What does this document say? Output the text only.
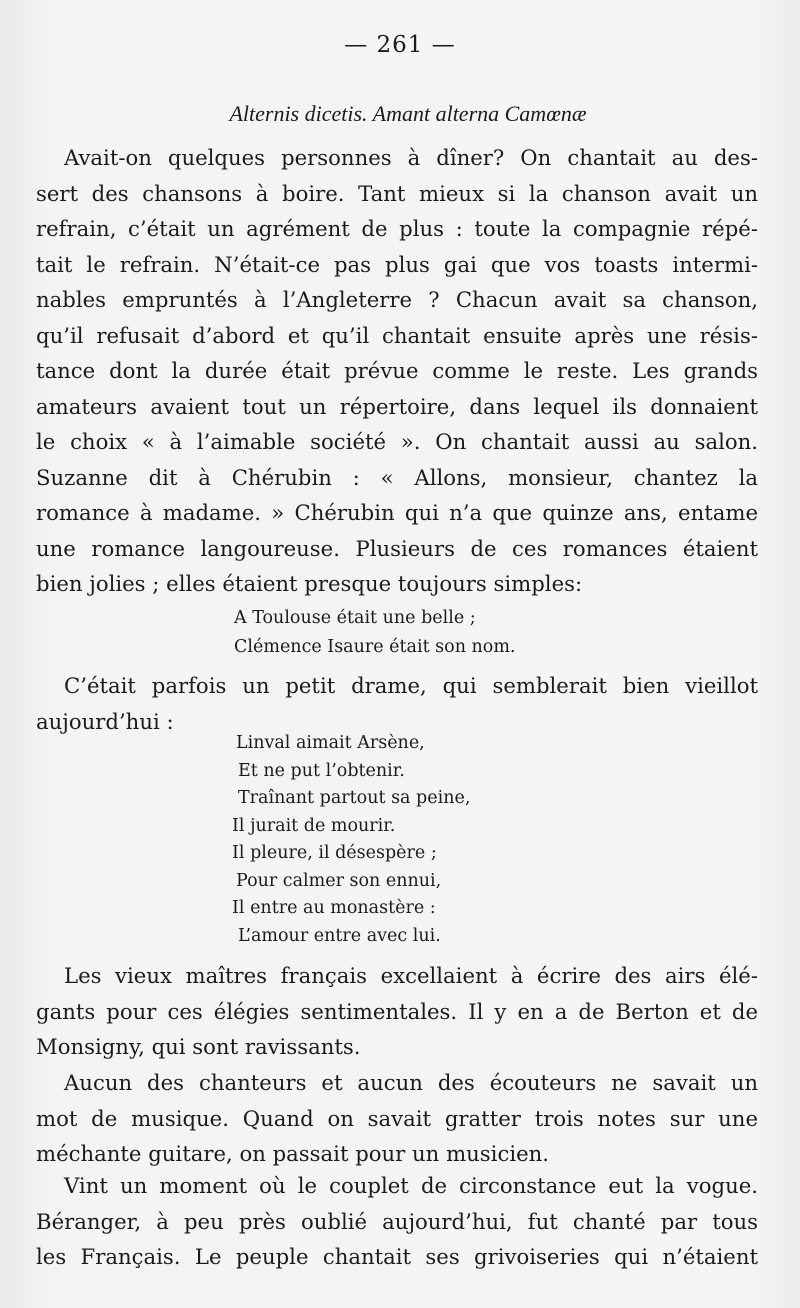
— 261 —
Alternis dicetis. Amant alterna Camœnæ
Avait-on quelques personnes à dîner? On chantait au des-
sert des chansons à boire. Tant mieux si la chanson avait un
refrain, c’était un agrément de plus : toute la compagnie répé-
tait le refrain. N’était-ce pas plus gai que vos toasts intermi-
nables empruntés à l’Angleterre ? Chacun avait sa chanson,
qu’il refusait d’abord et qu’il chantait ensuite après une résis-
tance dont la durée était prévue comme le reste. Les grands
amateurs avaient tout un répertoire, dans lequel ils donnaient
le choix « à l’aimable société ». On chantait aussi au salon.
Suzanne dit à Chérubin : « Allons, monsieur, chantez la
romance à madame. » Chérubin qui n’a que quinze ans, entame
une romance langoureuse. Plusieurs de ces romances étaient
bien jolies ; elles étaient presque toujours simples:
A Toulouse était une belle ;
Clémence Isaure était son nom.
C’était parfois un petit drame, qui semblerait bien vieillot
aujourd’hui :
Linval aimait Arsène,
Et ne put l’obtenir.
Traînant partout sa peine,
Il jurait de mourir.
Il pleure, il désespère ;
Pour calmer son ennui,
Il entre au monastère :
L’amour entre avec lui.
Les vieux maîtres français excellaient à écrire des airs élé-
gants pour ces élégies sentimentales. Il y en a de Berton et de
Monsigny, qui sont ravissants.
Aucun des chanteurs et aucun des écouteurs ne savait un
mot de musique. Quand on savait gratter trois notes sur une
méchante guitare, on passait pour un musicien.
Vint un moment où le couplet de circonstance eut la vogue.
Béranger, à peu près oublié aujourd’hui, fut chanté par tous
les Français. Le peuple chantait ses grivoiseries qui n’étaient
